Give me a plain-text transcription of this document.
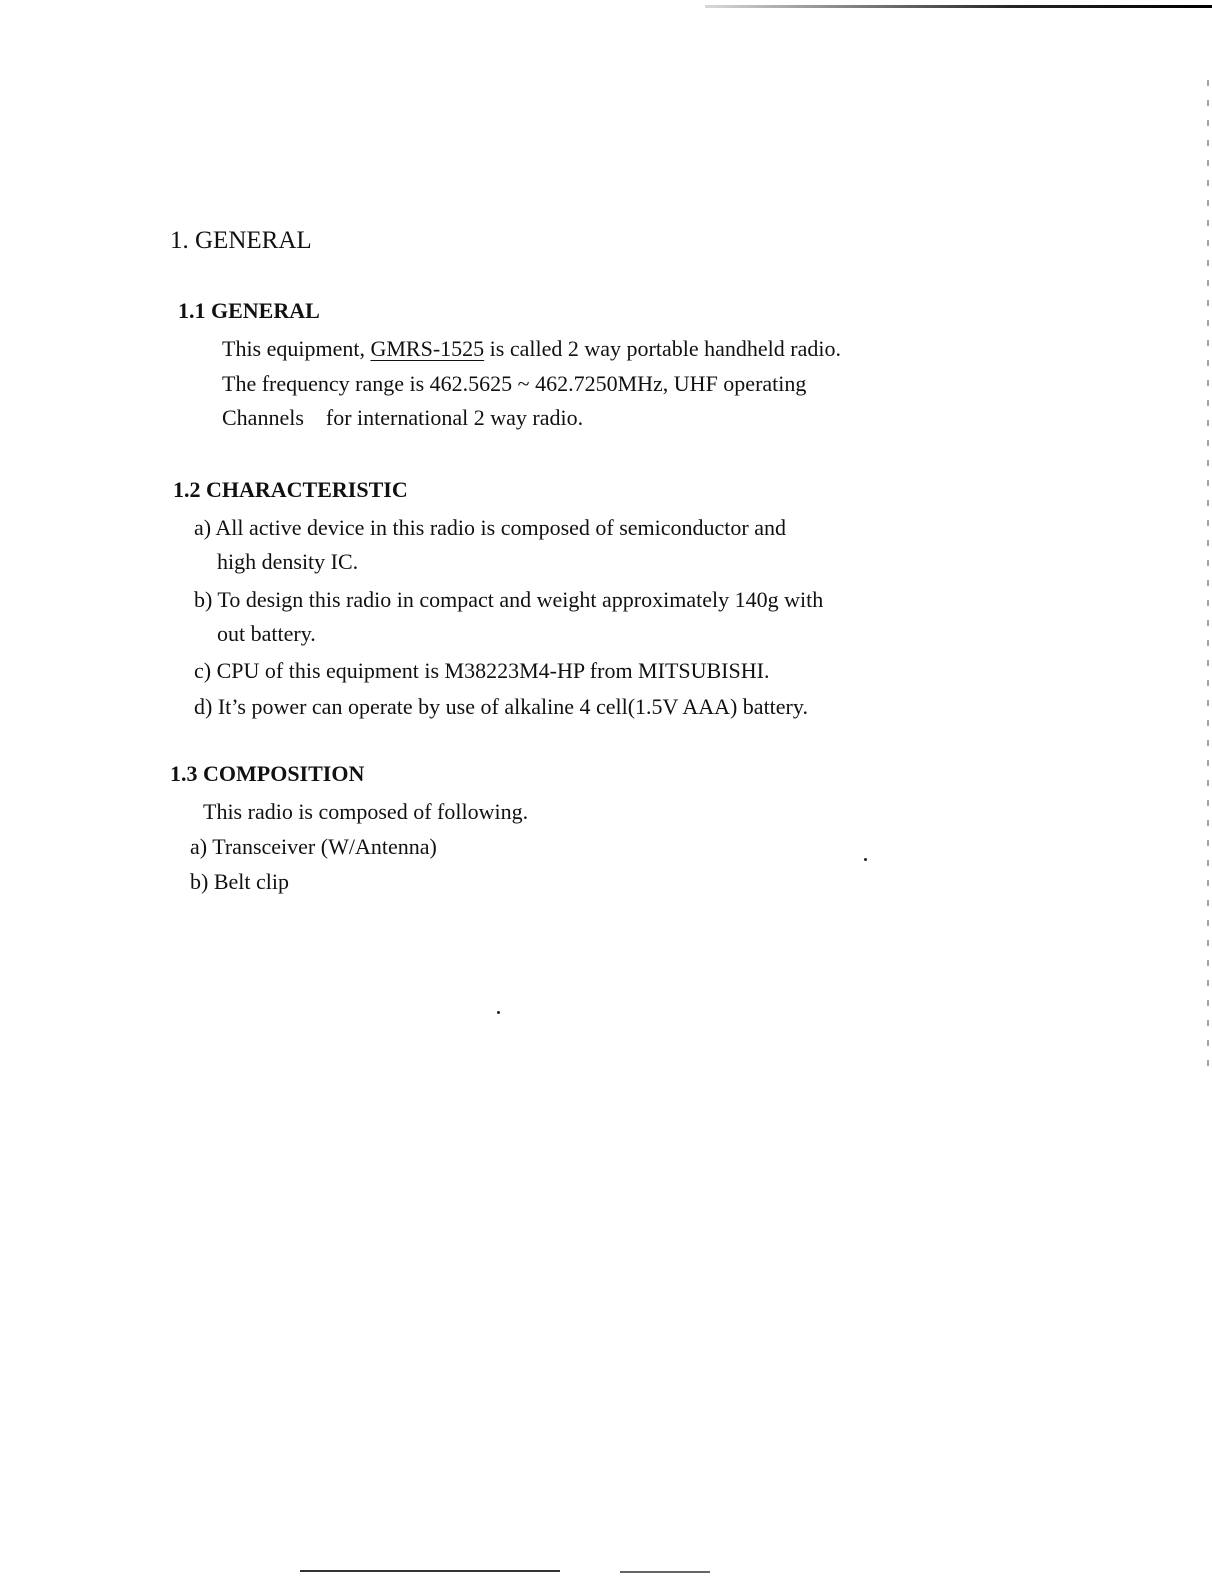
1. GENERAL
1.1 GENERAL
This equipment, GMRS-1525 is called 2 way portable handheld radio.
The frequency range is 462.5625 ~ 462.7250MHz, UHF operating
Channels    for international 2 way radio.
1.2 CHARACTERISTIC
a) All active device in this radio is composed of semiconductor and
high density IC.
b) To design this radio in compact and weight approximately 140g with
out battery.
c) CPU of this equipment is M38223M4-HP from MITSUBISHI.
d) It’s power can operate by use of alkaline 4 cell(1.5V AAA) battery.
1.3 COMPOSITION
This radio is composed of following.
a) Transceiver (W/Antenna)
b) Belt clip
